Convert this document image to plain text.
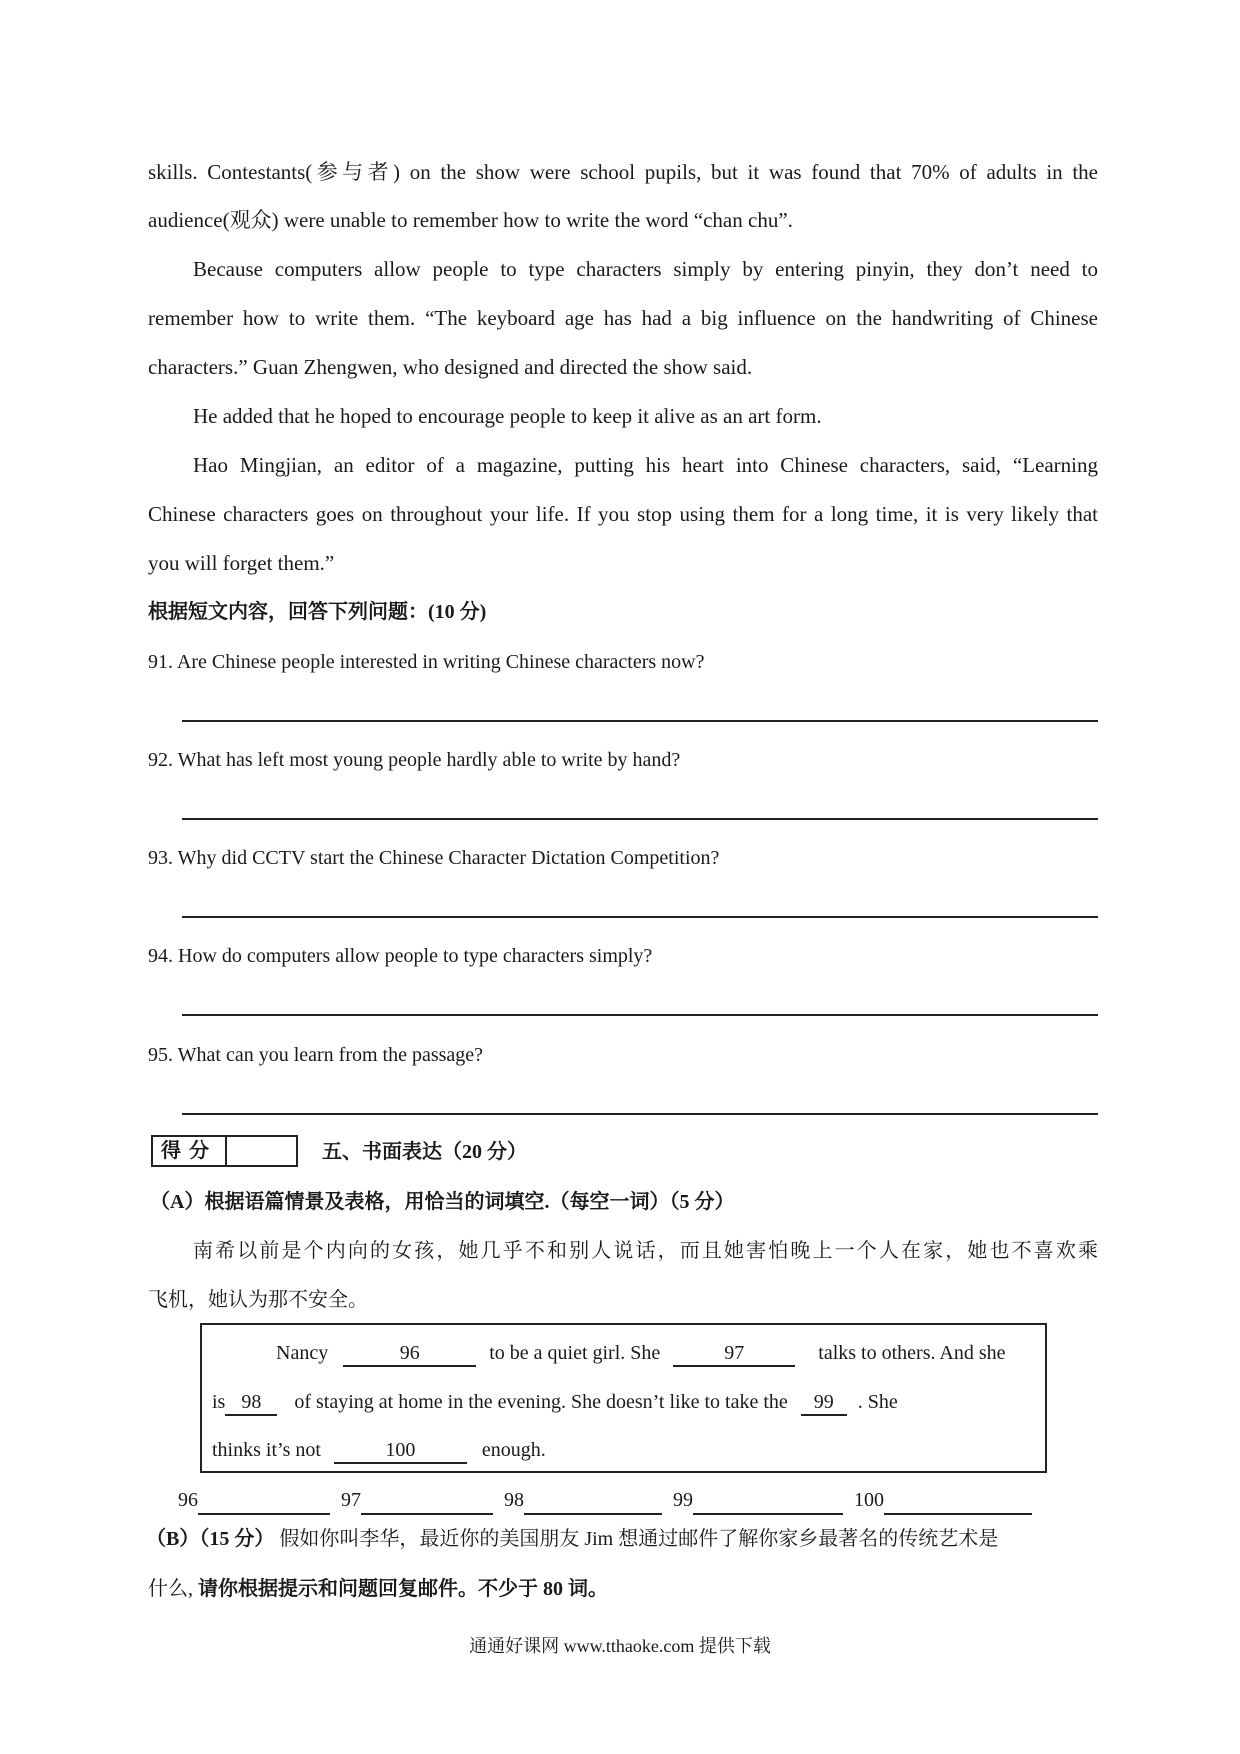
skills. Contestants(参与者) on the show were school pupils, but it was found that 70% of adults in the
audience(观众) were unable to remember how to write the word “chan chu”.
Because computers allow people to type characters simply by entering pinyin, they don’t need to
remember how to write them. “The keyboard age has had a big influence on the handwriting of Chinese
characters.” Guan Zhengwen, who designed and directed the show said.
He added that he hoped to encourage people to keep it alive as an art form.
Hao Mingjian, an editor of a magazine, putting his heart into Chinese characters, said, “Learning
Chinese characters goes on throughout your life. If you stop using them for a long time, it is very likely that
you will forget them.”
根据短文内容，回答下列问题：(10 分)
91. Are Chinese people interested in writing Chinese characters now?
92. What has left most young people hardly able to write by hand?
93. Why did CCTV start the Chinese Character Dictation Competition?
94. How do computers allow people to type characters simply?
95. What can you learn from the passage?
得分	五、书面表达（20 分）
（A）根据语篇情景及表格，用恰当的词填空.（每空一词）（5 分）
南希以前是个内向的女孩，她几乎不和别人说话，而且她害怕晚上一个人在家，她也不喜欢乘
飞机，她认为那不安全。
Nancy	96	to be a quiet girl. She	97	talks to others. And she
is 98 of staying at home in the evening. She doesn’t like to take the 99 . She
thinks it’s not	100	enough.
96	97	98	99	100
（B）（15 分） 假如你叫李华，最近你的美国朋友 Jim 想通过邮件了解你家乡最著名的传统艺术是
什么, 请你根据提示和问题回复邮件。不少于 80 词。
通通好课网 www.tthaoke.com 提供下载
